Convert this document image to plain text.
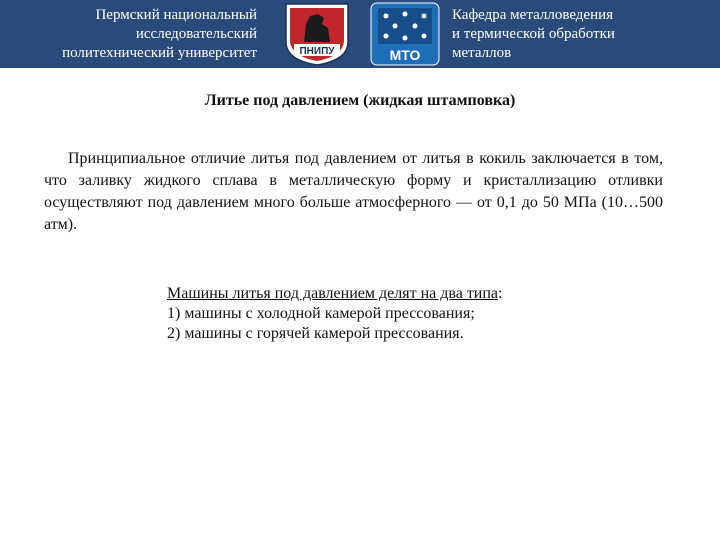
Пермский национальный
исследовательский
политехнический университет	ПНИПУ	МТО
Кафедра металловедения
и термической обработки
металлов
Литье под давлением (жидкая штамповка)
Принципиальное отличие литья под давлением от литья в кокиль заключается в том, что заливку жидкого сплава в металлическую форму и кристаллизацию отливки осуществляют под давлением много больше атмосферного — от 0,1 до 50 МПа (10…500 атм).
Машины литья под давлением делят на два типа:
1) машины с холодной камерой прессования;
2) машины с горячей камерой прессования.
